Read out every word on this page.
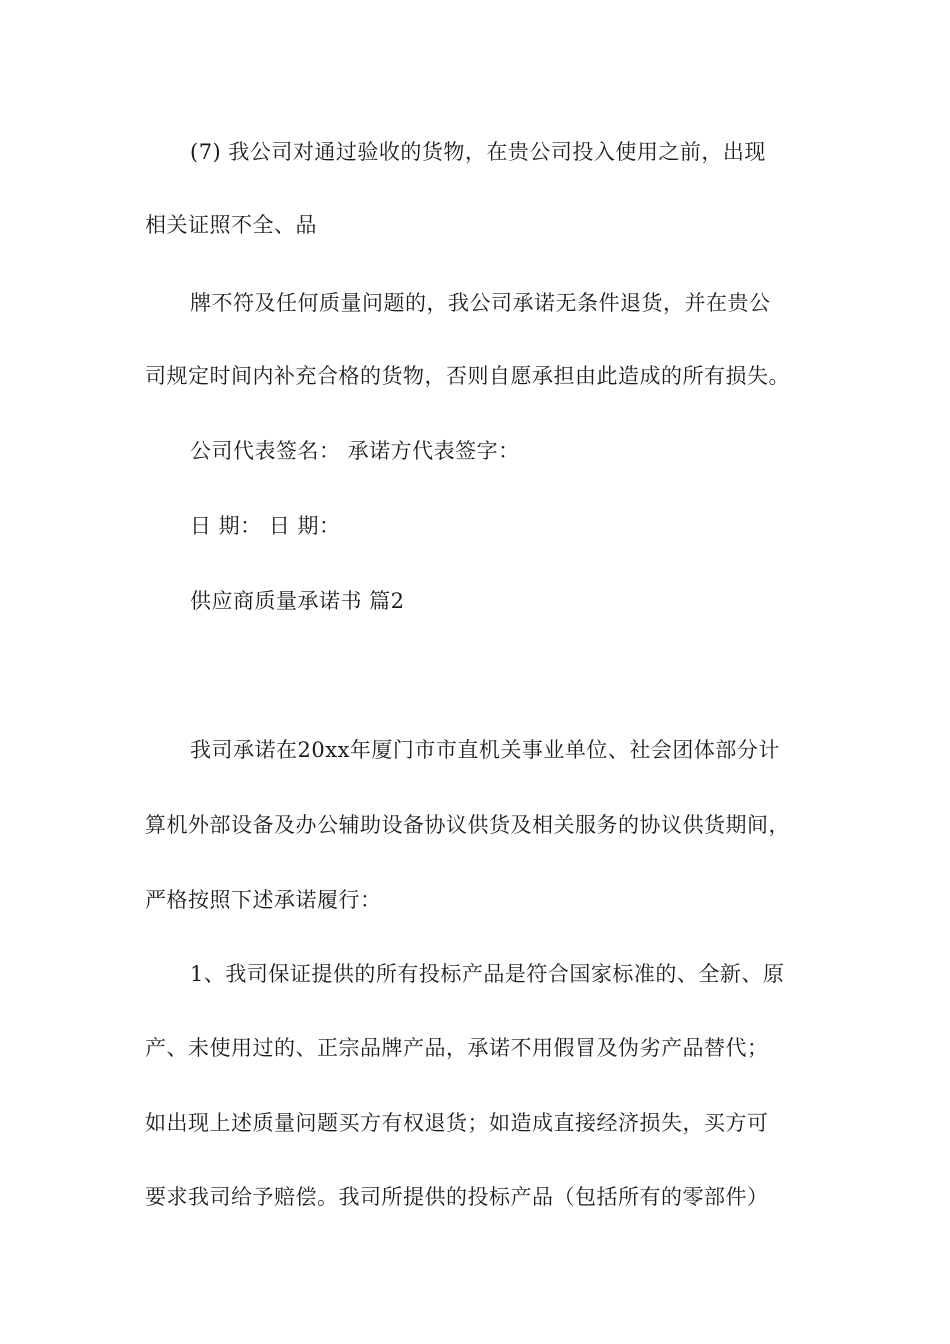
(7) 我公司对通过验收的货物，在贵公司投入使用之前，出现
相关证照不全、品
牌不符及任何质量问题的，我公司承诺无条件退货，并在贵公
司规定时间内补充合格的货物，否则自愿承担由此造成的所有损失。
公司代表签名： 承诺方代表签字：
日 期： 日 期：
供应商质量承诺书 篇2
我司承诺在20xx年厦门市市直机关事业单位、社会团体部分计
算机外部设备及办公辅助设备协议供货及相关服务的协议供货期间，
严格按照下述承诺履行：
1、我司保证提供的所有投标产品是符合国家标准的、全新、原
产、未使用过的、正宗品牌产品，承诺不用假冒及伪劣产品替代；
如出现上述质量问题买方有权退货；如造成直接经济损失，买方可
要求我司给予赔偿。我司所提供的投标产品（包括所有的零部件）
